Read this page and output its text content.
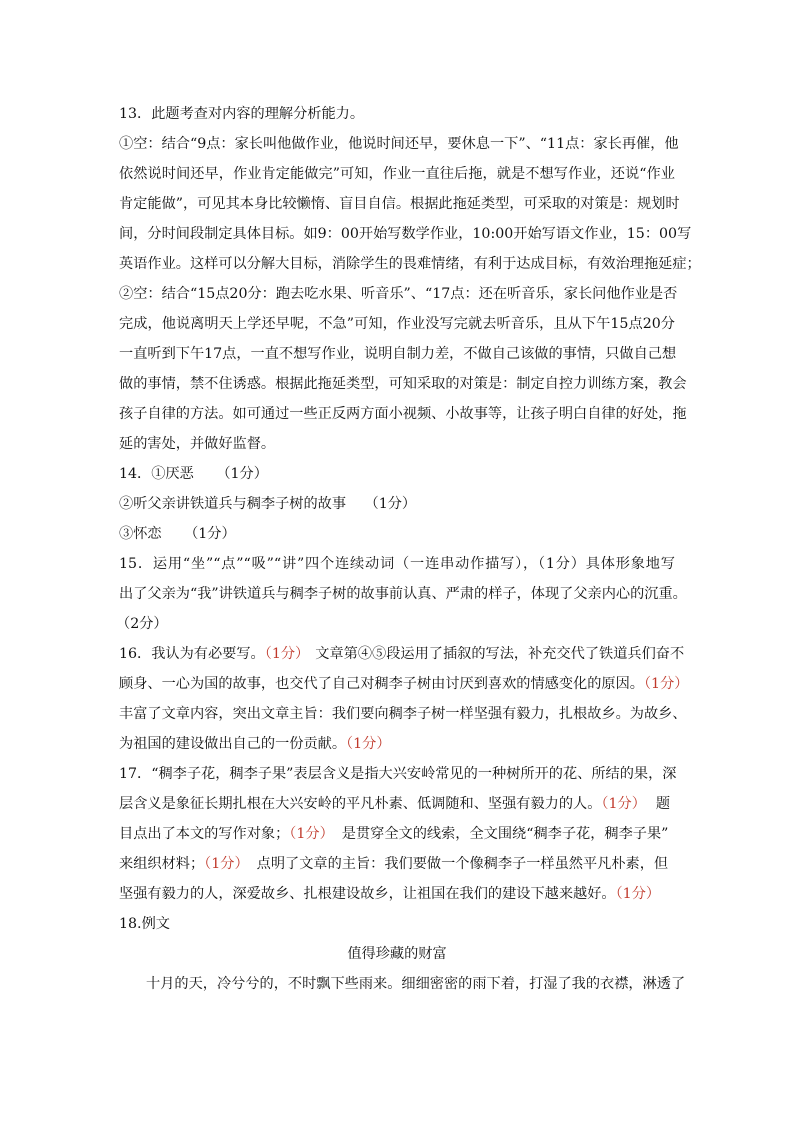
13．此题考查对内容的理解分析能力。
①空：结合“9点：家长叫他做作业，他说时间还早，要休息一下”、“11点：家长再催，他
依然说时间还早，作业肯定能做完”可知，作业一直往后拖，就是不想写作业，还说“作业
肯定能做”，可见其本身比较懒惰、盲目自信。根据此拖延类型，可采取的对策是：规划时
间，分时间段制定具体目标。如9：00开始写数学作业，10:00开始写语文作业，15：00写
英语作业。这样可以分解大目标，消除学生的畏难情绪，有利于达成目标，有效治理拖延症；
②空：结合“15点20分：跑去吃水果、听音乐”、“17点：还在听音乐，家长问他作业是否
完成，他说离明天上学还早呢，不急”可知，作业没写完就去听音乐，且从下午15点20分
一直听到下午17点，一直不想写作业，说明自制力差，不做自己该做的事情，只做自己想
做的事情，禁不住诱惑。根据此拖延类型，可知采取的对策是：制定自控力训练方案，教会
孩子自律的方法。如可通过一些正反两方面小视频、小故事等，让孩子明白自律的好处，拖
延的害处，并做好监督。
14．①厌恶 （1分）
②听父亲讲铁道兵与稠李子树的故事 （1分）
③怀恋 （1分）
15．运用“坐”“点”“吸”“讲”四个连续动词（一连串动作描写），（1分）具体形象地写
出了父亲为“我”讲铁道兵与稠李子树的故事前认真、严肃的样子，体现了父亲内心的沉重。
（2分）
16．我认为有必要写。（1分） 文章第④⑤段运用了插叙的写法，补充交代了铁道兵们奋不
顾身、一心为国的故事，也交代了自己对稠李子树由讨厌到喜欢的情感变化的原因。（1分）
丰富了文章内容，突出文章主旨：我们要向稠李子树一样坚强有毅力，扎根故乡。为故乡、
为祖国的建设做出自己的一份贡献。（1分）
17．“稠李子花，稠李子果”表层含义是指大兴安岭常见的一种树所开的花、所结的果，深
层含义是象征长期扎根在大兴安岭的平凡朴素、低调随和、坚强有毅力的人。（1分） 题
目点出了本文的写作对象；（1分） 是贯穿全文的线索，全文围绕“稠李子花，稠李子果”
来组织材料；（1分） 点明了文章的主旨：我们要做一个像稠李子一样虽然平凡朴素，但
坚强有毅力的人，深爱故乡、扎根建设故乡，让祖国在我们的建设下越来越好。（1分）
18.例文
值得珍藏的财富
十月的天，冷兮兮的，不时飘下些雨来。细细密密的雨下着，打湿了我的衣襟，淋透了
